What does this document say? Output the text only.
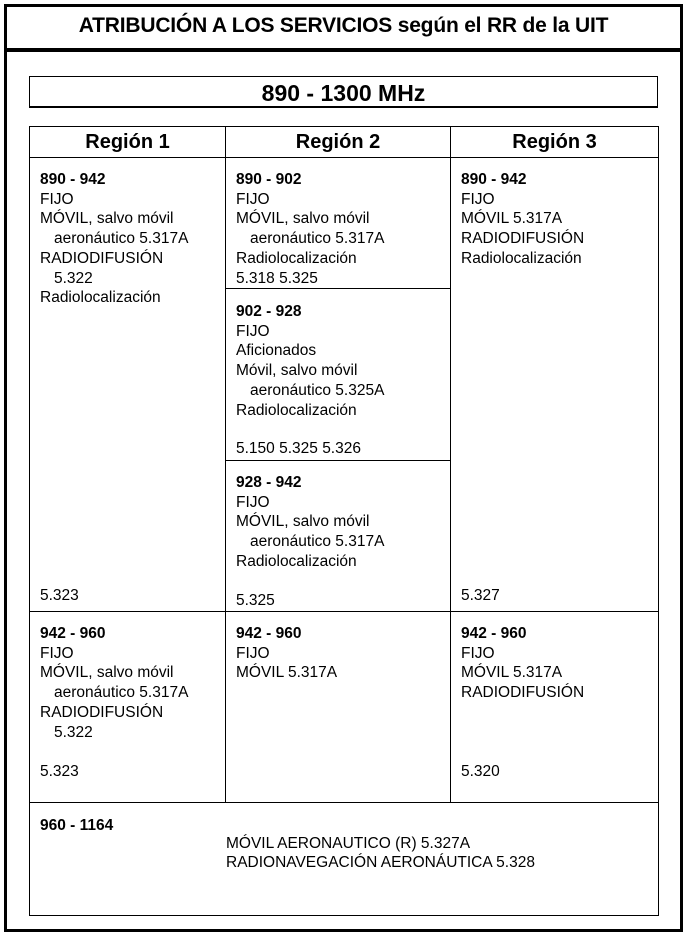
ATRIBUCIÓN A LOS SERVICIOS según el RR de la UIT
890 - 1300 MHz
Región 1	Región 2	Región 3
890 - 942
FIJO
MÓVIL, salvo móvil
aeronáutico 5.317A
RADIODIFUSIÓN
5.322
Radiolocalización
5.323
890 - 902
FIJO
MÓVIL, salvo móvil
aeronáutico 5.317A
Radiolocalización
5.318 5.325
902 - 928
FIJO
Aficionados
Móvil, salvo móvil
aeronáutico 5.325A
Radiolocalización
5.150 5.325 5.326
928 - 942
FIJO
MÓVIL, salvo móvil
aeronáutico 5.317A
Radiolocalización
5.325
890 - 942
FIJO
MÓVIL 5.317A
RADIODIFUSIÓN
Radiolocalización
5.327
942 - 960
FIJO
MÓVIL, salvo móvil
aeronáutico 5.317A
RADIODIFUSIÓN
5.322
5.323
942 - 960
FIJO
MÓVIL 5.317A
942 - 960
FIJO
MÓVIL 5.317A
RADIODIFUSIÓN
5.320
960 - 1164
MÓVIL AERONAUTICO (R) 5.327A
RADIONAVEGACIÓN AERONÁUTICA 5.328
